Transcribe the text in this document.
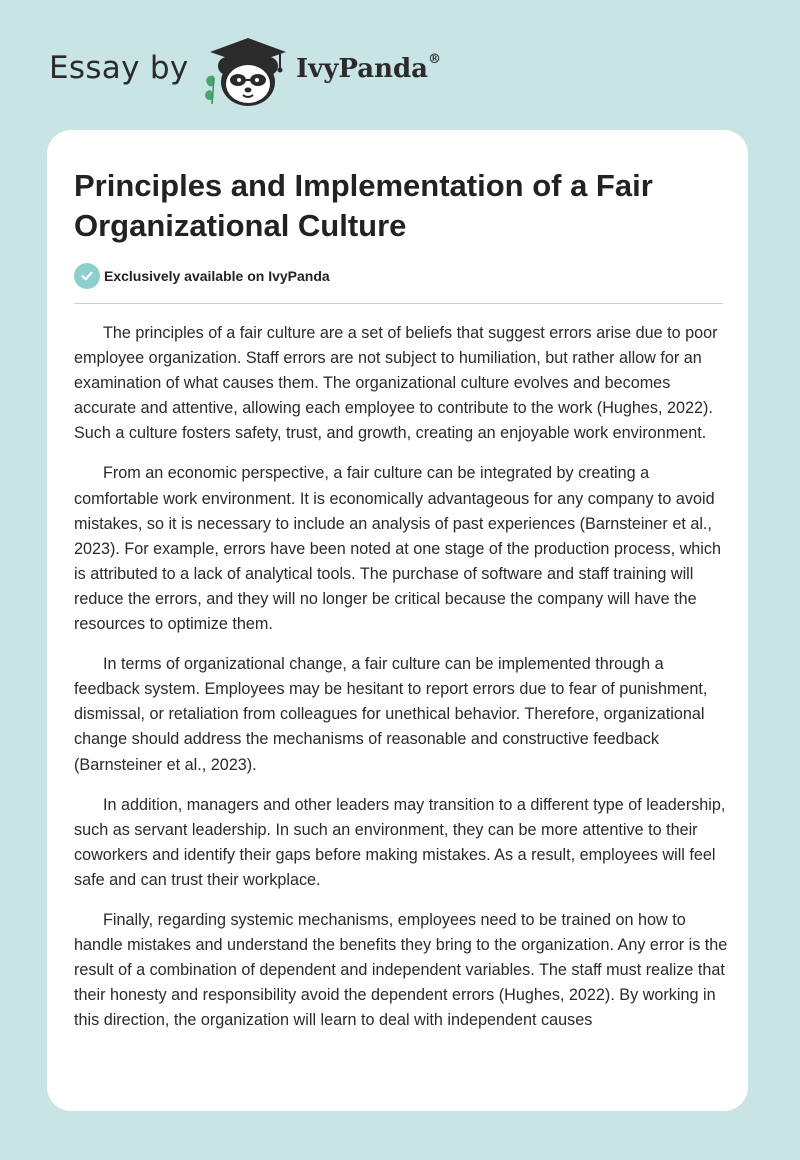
Essay by	IvyPanda®
Principles and Implementation of a Fair Organizational Culture
Exclusively available on IvyPanda

The principles of a fair culture are a set of beliefs that suggest errors arise due to poor employee organization. Staff errors are not subject to humiliation, but rather allow for an examination of what causes them. The organizational culture evolves and becomes accurate and attentive, allowing each employee to contribute to the work (Hughes, 2022). Such a culture fosters safety, trust, and growth, creating an enjoyable work environment.

From an economic perspective, a fair culture can be integrated by creating a comfortable work environment. It is economically advantageous for any company to avoid mistakes, so it is necessary to include an analysis of past experiences (Barnsteiner et al., 2023). For example, errors have been noted at one stage of the production process, which is attributed to a lack of analytical tools. The purchase of software and staff training will reduce the errors, and they will no longer be critical because the company will have the resources to optimize them.

In terms of organizational change, a fair culture can be implemented through a feedback system. Employees may be hesitant to report errors due to fear of punishment, dismissal, or retaliation from colleagues for unethical behavior. Therefore, organizational change should address the mechanisms of reasonable and constructive feedback (Barnsteiner et al., 2023).

In addition, managers and other leaders may transition to a different type of leadership, such as servant leadership. In such an environment, they can be more attentive to their coworkers and identify their gaps before making mistakes. As a result, employees will feel safe and can trust their workplace.

Finally, regarding systemic mechanisms, employees need to be trained on how to handle mistakes and understand the benefits they bring to the organization. Any error is the result of a combination of dependent and independent variables. The staff must realize that their honesty and responsibility avoid the dependent errors (Hughes, 2022). By working in this direction, the organization will learn to deal with independent causes
